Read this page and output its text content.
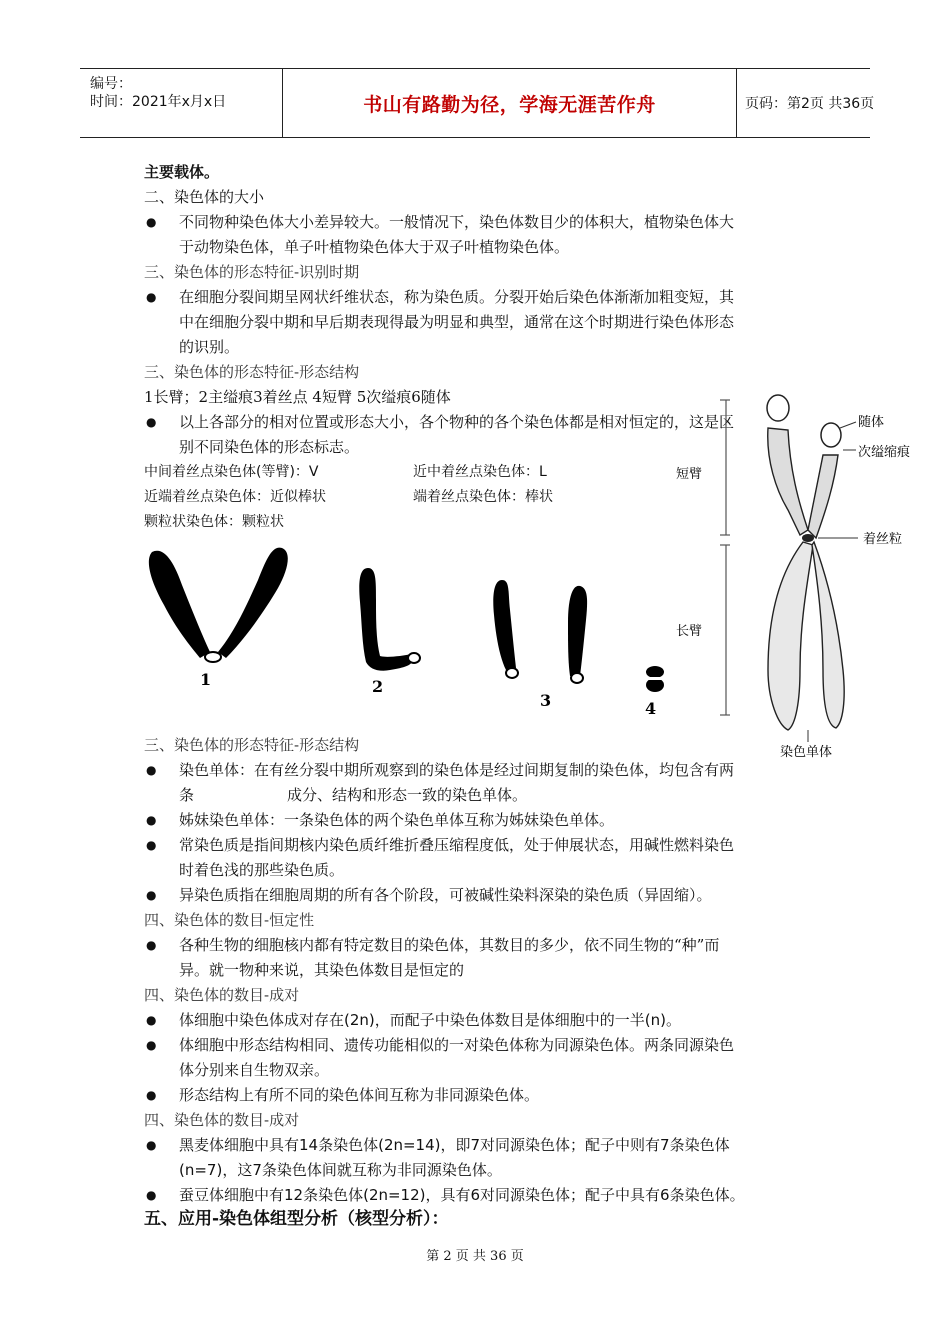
编号：
时间：2021年x月x日	书山有路勤为径，学海无涯苦作舟	页码：第2页 共36页
主要载体。
二、染色体的大小
● 不同物种染色体大小差异较大。一般情况下，染色体数目少的体积大，植物染色体大
于动物染色体，单子叶植物染色体大于双子叶植物染色体。
三、染色体的形态特征-识别时期
● 在细胞分裂间期呈网状纤维状态，称为染色质。分裂开始后染色体渐渐加粗变短，其
中在细胞分裂中期和早后期表现得最为明显和典型，通常在这个时期进行染色体形态
的识别。
三、染色体的形态特征-形态结构
1长臂；2主缢痕3着丝点 4短臂 5次缢痕6随体
● 以上各部分的相对位置或形态大小，各个物种的各个染色体都是相对恒定的，这是区
别不同染色体的形态标志。
中间着丝点染色体(等臂)：V	近中着丝点染色体：L
近端着丝点染色体：近似棒状	端着丝点染色体：棒状
颗粒状染色体：颗粒状
1	2
3	4
随体
次缢缩痕
短臂
着丝粒
长臂
染色单体
三、染色体的形态特征-形态结构
● 染色单体：在有丝分裂中期所观察到的染色体是经过间期复制的染色体，均包含有两
条	成分、结构和形态一致的染色单体。
● 姊妹染色单体：一条染色体的两个染色单体互称为姊妹染色单体。
● 常染色质是指间期核内染色质纤维折叠压缩程度低，处于伸展状态，用碱性燃料染色
时着色浅的那些染色质。
● 异染色质指在细胞周期的所有各个阶段，可被碱性染料深染的染色质（异固缩）。
四、染色体的数目-恒定性
● 各种生物的细胞核内都有特定数目的染色体，其数目的多少，依不同生物的“种”而
异。就一物种来说，其染色体数目是恒定的
四、染色体的数目-成对
● 体细胞中染色体成对存在(2n)，而配子中染色体数目是体细胞中的一半(n)。
● 体细胞中形态结构相同、遗传功能相似的一对染色体称为同源染色体。两条同源染色
体分别来自生物双亲。
● 形态结构上有所不同的染色体间互称为非同源染色体。
四、染色体的数目-成对
● 黑麦体细胞中具有14条染色体(2n=14)，即7对同源染色体；配子中则有7条染色体
(n=7)，这7条染色体间就互称为非同源染色体。
● 蚕豆体细胞中有12条染色体(2n=12)，具有6对同源染色体；配子中具有6条染色体。
五、应用-染色体组型分析（核型分析）：
第 2 页 共 36 页
